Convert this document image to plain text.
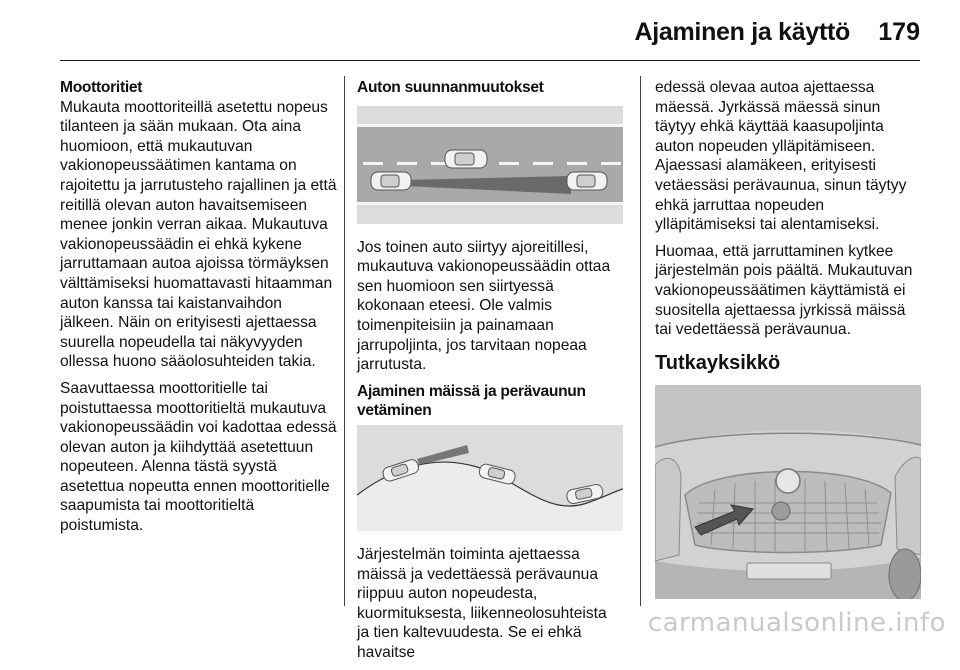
Ajaminen ja käyttö 179
Moottoritiet

Mukauta moottoriteillä asetettu nopeus tilanteen ja sään mukaan. Ota aina huomioon, että mukautuvan vakionopeussäätimen kantama on rajoitettu ja jarrutusteho rajallinen ja että reitillä olevan auton havaitsemiseen menee jonkin verran aikaa. Mukautuva vakionopeussäädin ei ehkä kykene jarruttamaan autoa ajoissa törmäyksen välttämiseksi huomattavasti hitaamman auton kanssa tai kaistanvaihdon jälkeen. Näin on erityisesti ajettaessa suurella nopeudella tai näkyvyyden ollessa huono sääolosuhteiden takia.

Saavuttaessa moottoritielle tai poistuttaessa moottoritieltä mukautuva vakionopeussäädin voi kadottaa edessä olevan auton ja kiihdyttää asetettuun nopeuteen. Alenna tästä syystä asetettua nopeutta ennen moottoritielle saapumista tai moottoritieltä poistumista.

Auton suunnanmuutokset

Jos toinen auto siirtyy ajoreitillesi, mukautuva vakionopeussäädin ottaa sen huomioon sen siirtyessä kokonaan eteesi. Ole valmis toimenpiteisiin ja painamaan jarrupoljinta, jos tarvitaan nopeaa jarrutusta.

Ajaminen mäissä ja perävaunun vetäminen

Järjestelmän toiminta ajettaessa mäissä ja vedettäessä perävaunua riippuu auton nopeudesta, kuormituksesta, liikenneolosuhteista ja tien kaltevuudesta. Se ei ehkä havaitse

edessä olevaa autoa ajettaessa mäessä. Jyrkässä mäessä sinun täytyy ehkä käyttää kaasupoljinta auton nopeuden ylläpitämiseen. Ajaessasi alamäkeen, erityisesti vetäessäsi perävaunua, sinun täytyy ehkä jarruttaa nopeuden ylläpitämiseksi tai alentamiseksi.

Huomaa, että jarruttaminen kytkee järjestelmän pois päältä. Mukautuvan vakionopeussäätimen käyttämistä ei suositella ajettaessa jyrkissä mäissä tai vedettäessä perävaunua.

Tutkayksikkö
carmanualsonline.info
